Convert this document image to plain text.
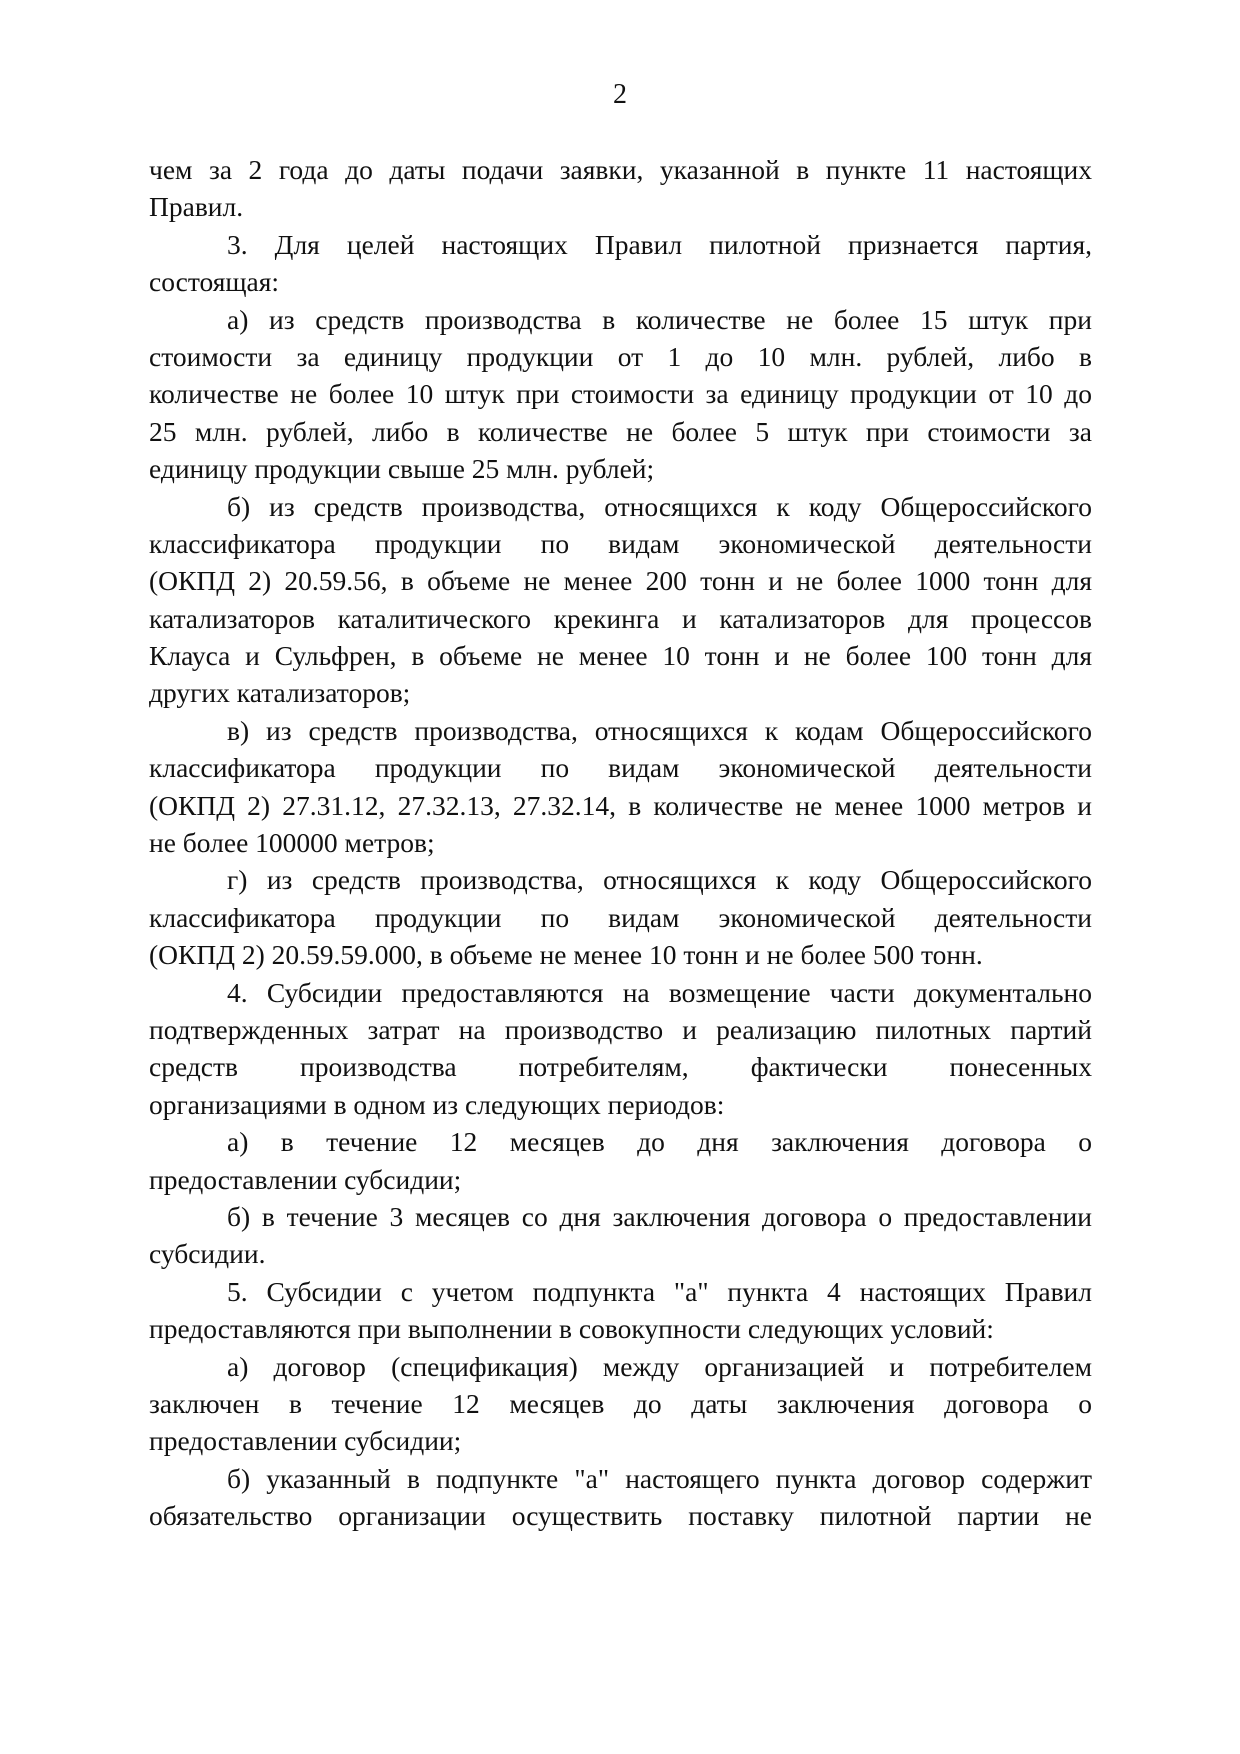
2
чем за 2 года до даты подачи заявки, указанной в пункте 11 настоящих
Правил.
3. Для целей настоящих Правил пилотной признается партия,
состоящая:
а) из средств производства в количестве не более 15 штук при
стоимости за единицу продукции от 1 до 10 млн. рублей, либо в
количестве не более 10 штук при стоимости за единицу продукции от 10 до
25 млн. рублей, либо в количестве не более 5 штук при стоимости за
единицу продукции свыше 25 млн. рублей;
б) из средств производства, относящихся к коду Общероссийского
классификатора продукции по видам экономической деятельности
(ОКПД 2) 20.59.56, в объеме не менее 200 тонн и не более 1000 тонн для
катализаторов каталитического крекинга и катализаторов для процессов
Клауса и Сульфрен, в объеме не менее 10 тонн и не более 100 тонн для
других катализаторов;
в) из средств производства, относящихся к кодам Общероссийского
классификатора продукции по видам экономической деятельности
(ОКПД 2) 27.31.12, 27.32.13, 27.32.14, в количестве не менее 1000 метров и
не более 100000 метров;
г) из средств производства, относящихся к коду Общероссийского
классификатора продукции по видам экономической деятельности
(ОКПД 2) 20.59.59.000, в объеме не менее 10 тонн и не более 500 тонн.
4. Субсидии предоставляются на возмещение части документально
подтвержденных затрат на производство и реализацию пилотных партий
средств производства потребителям, фактически понесенных
организациями в одном из следующих периодов:
а) в течение 12 месяцев до дня заключения договора о
предоставлении субсидии;
б) в течение 3 месяцев со дня заключения договора о предоставлении
субсидии.
5. Субсидии с учетом подпункта "а" пункта 4 настоящих Правил
предоставляются при выполнении в совокупности следующих условий:
а) договор (спецификация) между организацией и потребителем
заключен в течение 12 месяцев до даты заключения договора о
предоставлении субсидии;
б) указанный в подпункте "а" настоящего пункта договор содержит
обязательство организации осуществить поставку пилотной партии не
